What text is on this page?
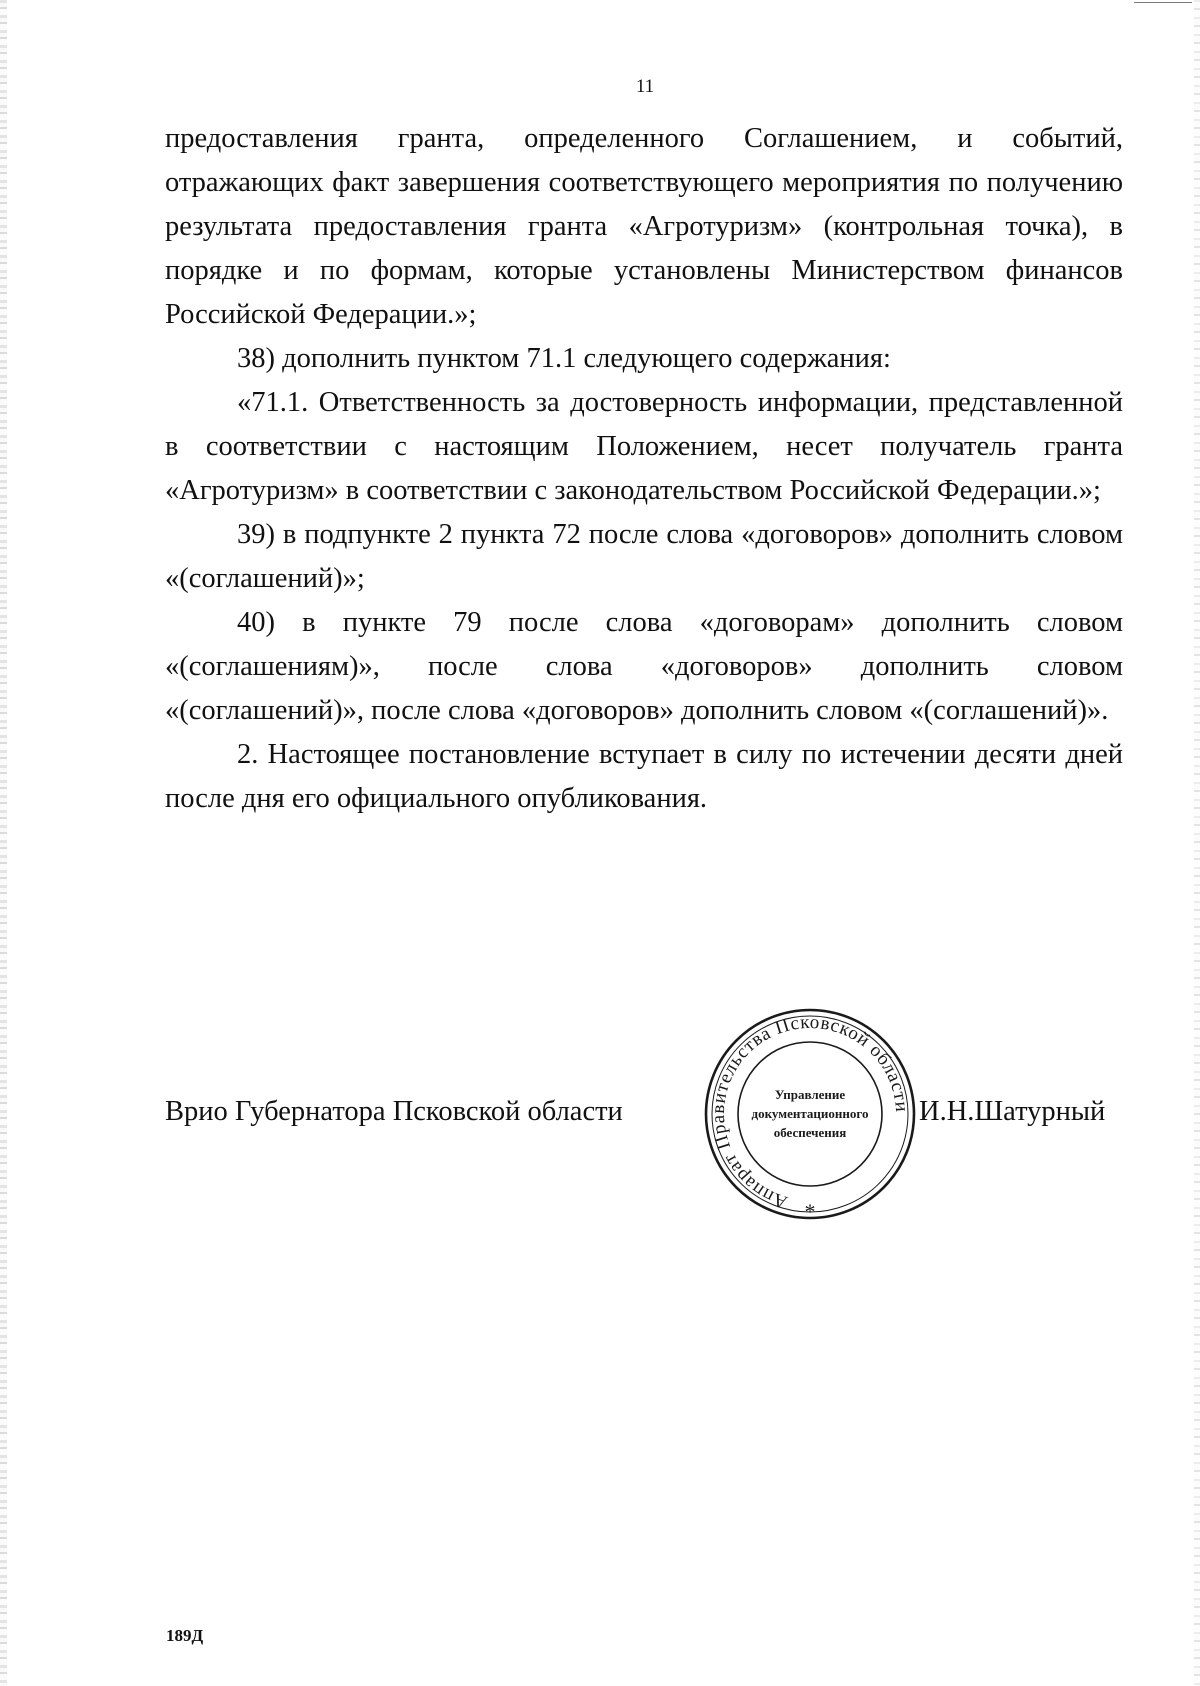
11

предоставления гранта, определенного Соглашением, и событий, отражающих факт завершения соответствующего мероприятия по получению результата предоставления гранта «Агротуризм» (контрольная точка), в порядке и по формам, которые установлены Министерством финансов Российской Федерации.»;

38) дополнить пунктом 71.1 следующего содержания:

«71.1. Ответственность за достоверность информации, представленной в соответствии с настоящим Положением, несет получатель гранта «Агротуризм» в соответствии с законодательством Российской Федерации.»;

39) в подпункте 2 пункта 72 после слова «договоров» дополнить словом «(соглашений)»;

40) в пункте 79 после слова «договорам» дополнить словом «(соглашениям)», после слова «договоров» дополнить словом «(соглашений)», после слова «договоров» дополнить словом «(соглашений)».

2. Настоящее постановление вступает в силу по истечении десяти дней после дня его официального опубликования.

Врио Губернатора Псковской области
Аппарат Правительства Псковской области
Управление
документационного
обеспечения
*
И.Н.Шатурный
189Д
